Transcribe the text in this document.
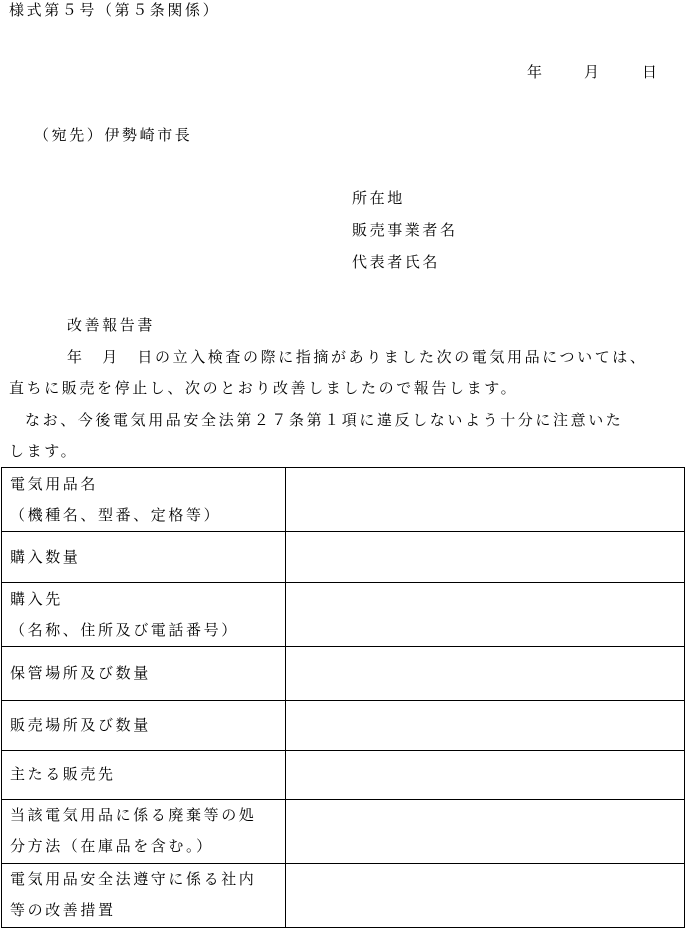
様式第５号（第５条関係）
年	月	日
（宛先）伊勢崎市長
所在地
販売事業者名
代表者氏名
改善報告書
年　月　日の立入検査の際に指摘がありました次の電気用品については、
直ちに販売を停止し、次のとおり改善しましたので報告します。
なお、今後電気用品安全法第２７条第１項に違反しないよう十分に注意いた
します。
電気用品名
（機種名、型番、定格等）	

購入数量	

購入先
（名称、住所及び電話番号）	

保管場所及び数量	

販売場所及び数量	

主たる販売先	

当該電気用品に係る廃棄等の処
分方法（在庫品を含む。）	

電気用品安全法遵守に係る社内
等の改善措置	
